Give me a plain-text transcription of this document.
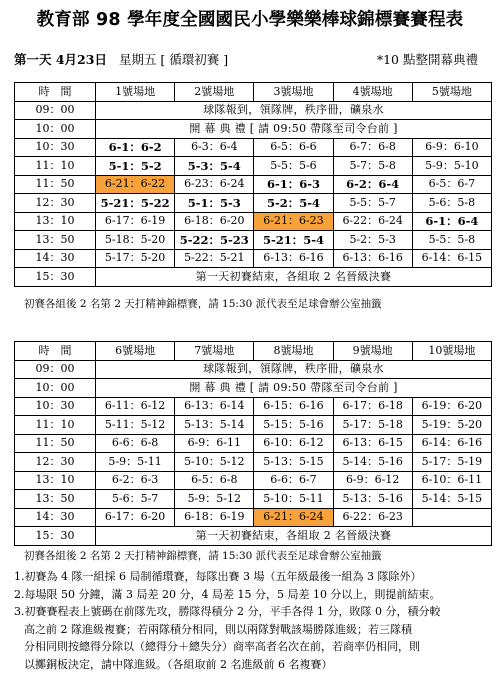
教育部 98 學年度全國國民小學樂樂棒球錦標賽賽程表
第一天 4月23日 星期五 [ 循環初賽 ]	*10 點整開幕典禮
時　間	1號場地	2號場地	3號場地	4號場地	5號場地
09：00	球隊報到，領隊牌，秩序冊，礦泉水				
10：00	開 幕 典 禮 [ 請 09:50 帶隊至司令台前 ]				
10：30	6-1：6-2	6-3：6-4	6-5：6-6	6-7：6-8	6-9：6-10
11：10	5-1：5-2	5-3：5-4	5-5：5-6	5-7：5-8	5-9：5-10
11：50	6-21：6-22	6-23：6-24	6-1：6-3	6-2：6-4	6-5：6-7
12：30	5-21：5-22	5-1：5-3	5-2：5-4	5-5：5-7	5-6：5-8
13：10	6-17：6-19	6-18：6-20	6-21：6-23	6-22：6-24	6-1：6-4
13：50	5-18：5-20	5-22：5-23	5-21：5-4	5-2：5-3	5-5：5-8
14：30	5-17：5-20	5-22：5-21	6-13：6-16	6-13：6-16	6-14：6-15
15：30	第一天初賽結束，各組取 2 名晉級決賽				
初賽各組後 2 名第 2 天打精神錦標賽，請 15:30 派代表至足球會辦公室抽籤
時　間	6號場地	7號場地	8號場地	9號場地	10號場地
09：00	球隊報到，領隊牌，秩序冊，礦泉水				
10：00	開 幕 典 禮 [ 請 09:50 帶隊至司令台前 ]				
10：30	6-11：6-12	6-13：6-14	6-15：6-16	6-17：6-18	6-19：6-20
11：10	5-11：5-12	5-13：5-14	5-15：5-16	5-17：5-18	5-19：5-20
11：50	6-6：6-8	6-9：6-11	6-10：6-12	6-13：6-15	6-14：6-16
12：30	5-9：5-11	5-10：5-12	5-13：5-15	5-14：5-16	5-17：5-19
13：10	6-2：6-3	6-5：6-8	6-6：6-7	6-9：6-12	6-10：6-11
13：50	5-6：5-7	5-9：5-12	5-10：5-11	5-13：5-16	5-14：5-15
14：30	6-17：6-20	6-18：6-19	6-21：6-24	6-22：6-23	
15：30	第一天初賽結束，各組取 2 名晉級決賽				
初賽各組後 2 名第 2 天打精神錦標賽，請 15:30 派代表至足球會辦公室抽籤
1.初賽為 4 隊一組採 6 局制循環賽，每隊出賽 3 場（五年級最後一組為 3 隊除外）
2.每場限 50 分鐘，滿 3 局差 20 分，4 局差 15 分，5 局差 10 分以上，則提前結束。
3.初賽賽程表上號碼在前隊先攻，勝隊得積分 2 分，平手各得 1 分，敗隊 0 分，積分較
高之前 2 隊進級複賽；若兩隊積分相同，則以兩隊對戰該場勝隊進級；若三隊積
分相同則按總得分除以（總得分＋總失分）商率高者名次在前，若商率仍相同，則
以擲銅板決定，請中隊進級。（各組取前 2 名進級前 6 名複賽）
